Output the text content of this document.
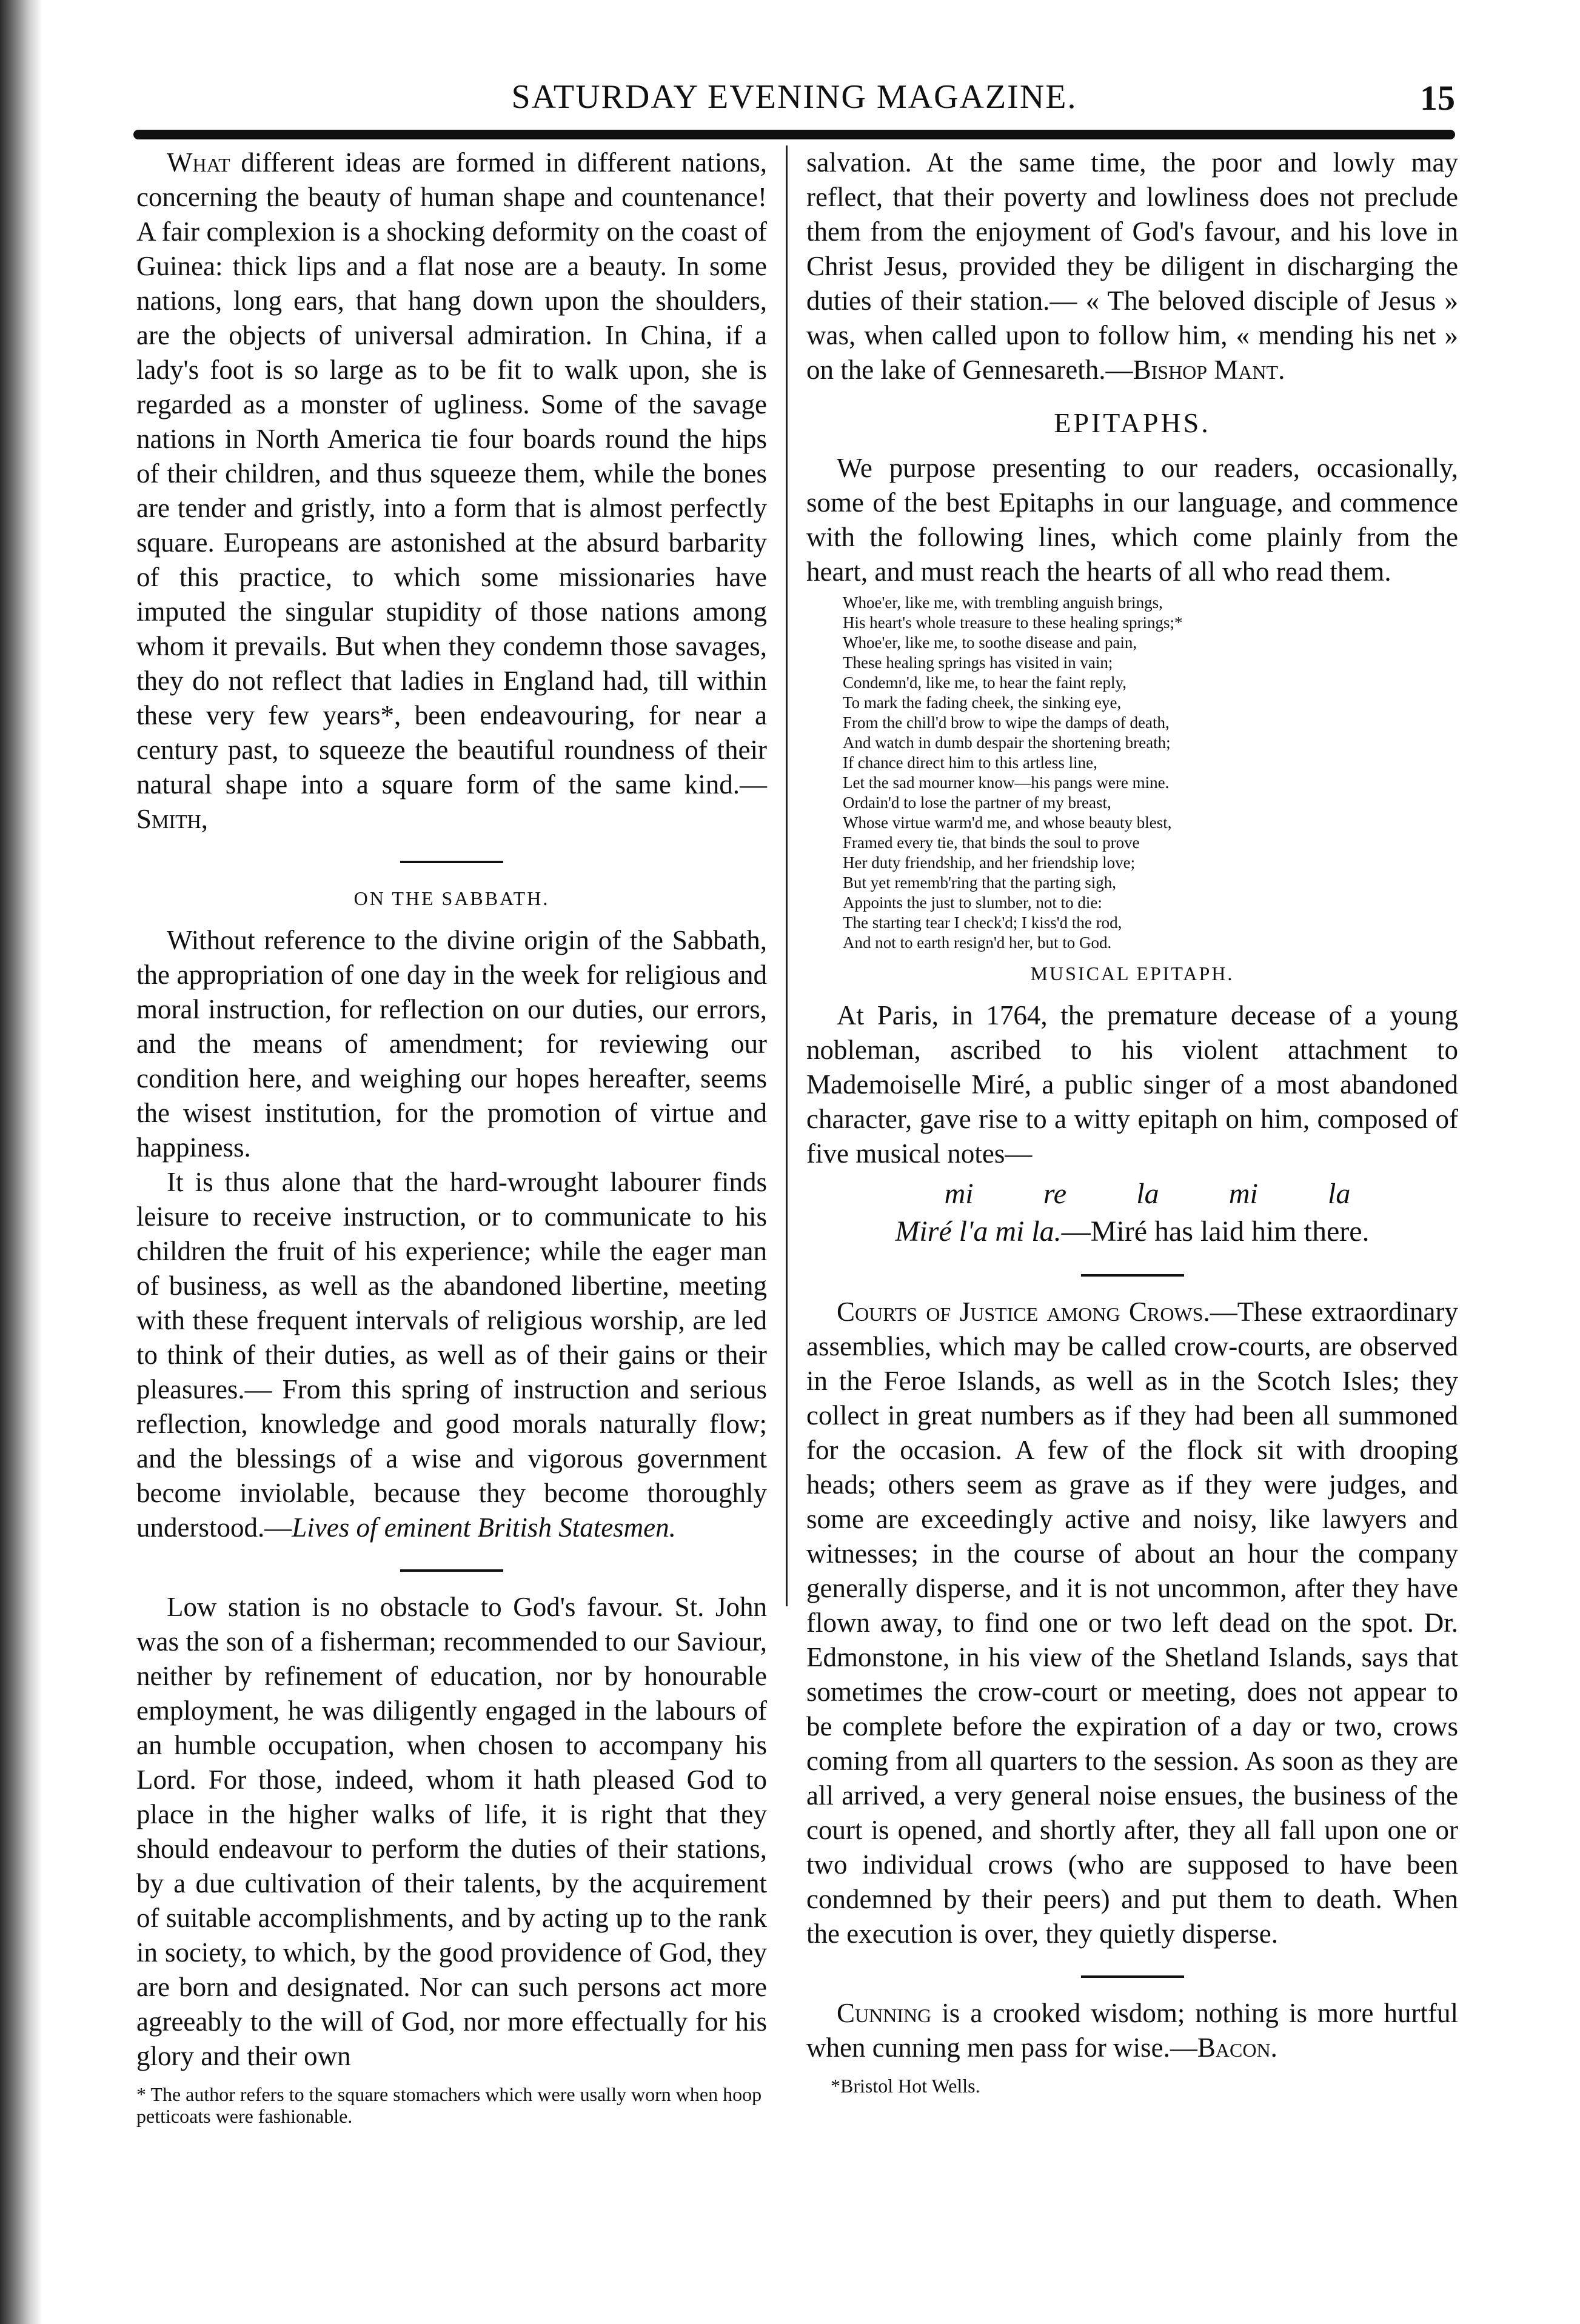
SATURDAY EVENING MAGAZINE.	15

What different ideas are formed in different nations, concerning the beauty of human shape and countenance! A fair complexion is a shocking deformity on the coast of Guinea: thick lips and a flat nose are a beauty. In some nations, long ears, that hang down upon the shoulders, are the objects of universal admiration. In China, if a lady's foot is so large as to be fit to walk upon, she is regarded as a monster of ugliness. Some of the savage nations in North America tie four boards round the hips of their children, and thus squeeze them, while the bones are tender and gristly, into a form that is almost perfectly square. Europeans are astonished at the absurd barbarity of this practice, to which some missionaries have imputed the singular stupidity of those nations among whom it prevails. But when they condemn those savages, they do not reflect that ladies in England had, till within these very few years*, been endeavouring, for near a century past, to squeeze the beautiful roundness of their natural shape into a square form of the same kind.—Smith,

ON THE SABBATH.

Without reference to the divine origin of the Sabbath, the appropriation of one day in the week for religious and moral instruction, for reflection on our duties, our errors, and the means of amendment; for reviewing our condition here, and weighing our hopes hereafter, seems the wisest institution, for the promotion of virtue and happiness.

It is thus alone that the hard-wrought labourer finds leisure to receive instruction, or to communicate to his children the fruit of his experience; while the eager man of business, as well as the abandoned libertine, meeting with these frequent intervals of religious worship, are led to think of their duties, as well as of their gains or their pleasures.— From this spring of instruction and serious reflection, knowledge and good morals naturally flow; and the blessings of a wise and vigorous government become inviolable, because they become thoroughly understood.—Lives of eminent British Statesmen.

Low station is no obstacle to God's favour. St. John was the son of a fisherman; recommended to our Saviour, neither by refinement of education, nor by honourable employment, he was diligently engaged in the labours of an humble occupation, when chosen to accompany his Lord. For those, indeed, whom it hath pleased God to place in the higher walks of life, it is right that they should endeavour to perform the duties of their stations, by a due cultivation of their talents, by the acquirement of suitable accomplishments, and by acting up to the rank in society, to which, by the good providence of God, they are born and designated. Nor can such persons act more agreeably to the will of God, nor more effectually for his glory and their own

* The author refers to the square stomachers which were usally worn when hoop petticoats were fashionable.

salvation. At the same time, the poor and lowly may reflect, that their poverty and lowliness does not preclude them from the enjoyment of God's favour, and his love in Christ Jesus, provided they be diligent in discharging the duties of their station.— « The beloved disciple of Jesus » was, when called upon to follow him, « mending his net » on the lake of Gennesareth.—Bishop Mant.

EPITAPHS.

We purpose presenting to our readers, occasionally, some of the best Epitaphs in our language, and commence with the following lines, which come plainly from the heart, and must reach the hearts of all who read them.

Whoe'er, like me, with trembling anguish brings,
His heart's whole treasure to these healing springs;*
Whoe'er, like me, to soothe disease and pain,
These healing springs has visited in vain;
Condemn'd, like me, to hear the faint reply,
To mark the fading cheek, the sinking eye,
From the chill'd brow to wipe the damps of death,
And watch in dumb despair the shortening breath;
If chance direct him to this artless line,
Let the sad mourner know—his pangs were mine.
Ordain'd to lose the partner of my breast,
Whose virtue warm'd me, and whose beauty blest,
Framed every tie, that binds the soul to prove
Her duty friendship, and her friendship love;
But yet rememb'ring that the parting sigh,
Appoints the just to slumber, not to die:
The starting tear I check'd; I kiss'd the rod,
And not to earth resign'd her, but to God.
MUSICAL EPITAPH.

At Paris, in 1764, the premature decease of a young nobleman, ascribed to his violent attachment to Mademoiselle Miré, a public singer of a most abandoned character, gave rise to a witty epitaph on him, composed of five musical notes—

mi re la mi la
Miré l'a mi la.—Miré has laid him there.

Courts of Justice among Crows.—These extraordinary assemblies, which may be called crow-courts, are observed in the Feroe Islands, as well as in the Scotch Isles; they collect in great numbers as if they had been all summoned for the occasion. A few of the flock sit with drooping heads; others seem as grave as if they were judges, and some are exceedingly active and noisy, like lawyers and witnesses; in the course of about an hour the company generally disperse, and it is not uncommon, after they have flown away, to find one or two left dead on the spot. Dr. Edmonstone, in his view of the Shetland Islands, says that sometimes the crow-court or meeting, does not appear to be complete before the expiration of a day or two, crows coming from all quarters to the session. As soon as they are all arrived, a very general noise ensues, the business of the court is opened, and shortly after, they all fall upon one or two individual crows (who are supposed to have been condemned by their peers) and put them to death. When the execution is over, they quietly disperse.

Cunning is a crooked wisdom; nothing is more hurtful when cunning men pass for wise.—Bacon.

*Bristol Hot Wells.
